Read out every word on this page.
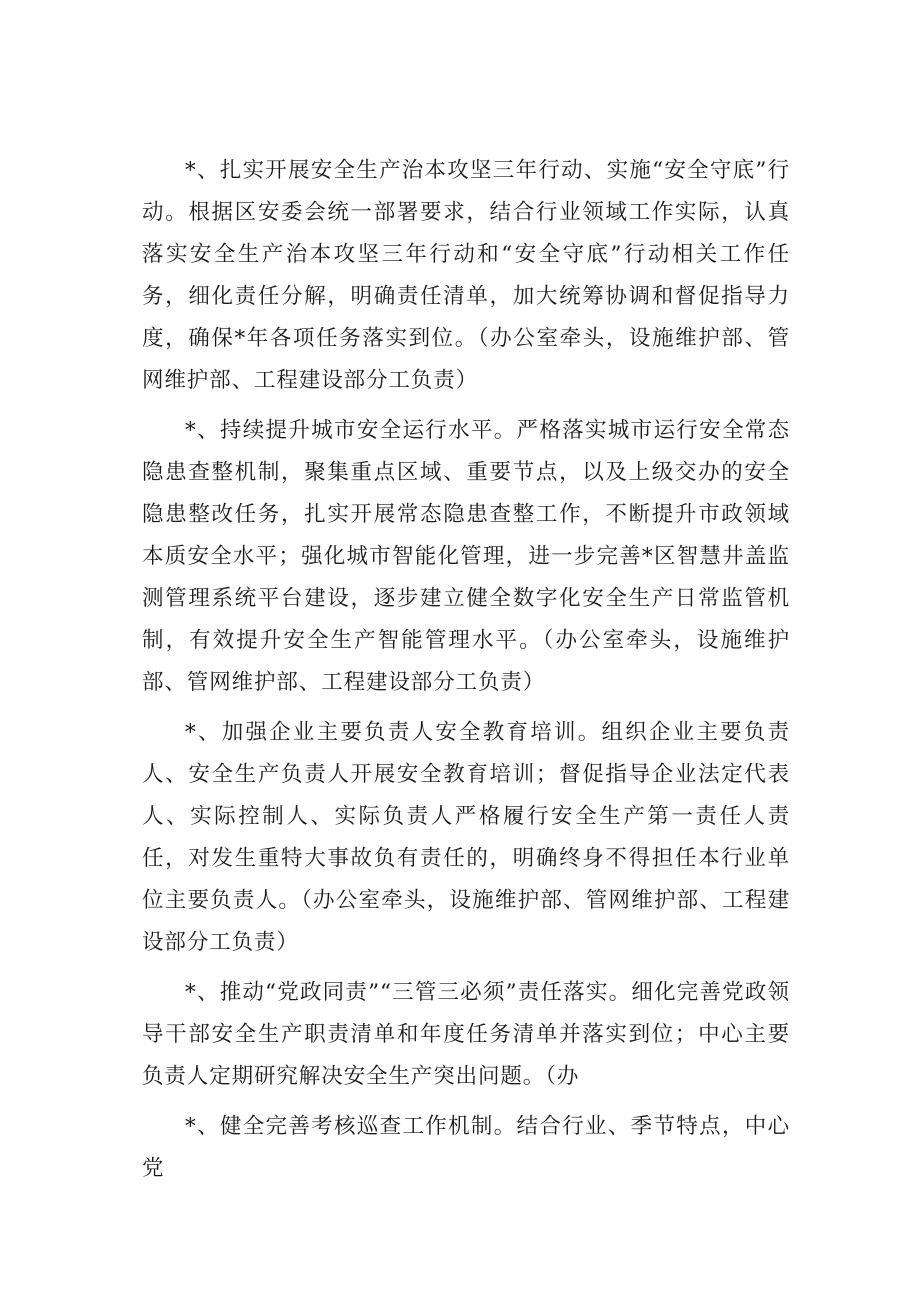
*、扎实开展安全生产治本攻坚三年行动、实施“安全守底”行动。根据区安委会统一部署要求，结合行业领域工作实际，认真落实安全生产治本攻坚三年行动和“安全守底”行动相关工作任务，细化责任分解，明确责任清单，加大统筹协调和督促指导力度，确保*年各项任务落实到位。（办公室牵头，设施维护部、管网维护部、工程建设部分工负责）

*、持续提升城市安全运行水平。严格落实城市运行安全常态隐患查整机制，聚集重点区域、重要节点，以及上级交办的安全隐患整改任务，扎实开展常态隐患查整工作，不断提升市政领域本质安全水平；强化城市智能化管理，进一步完善*区智慧井盖监测管理系统平台建设，逐步建立健全数字化安全生产日常监管机制，有效提升安全生产智能管理水平。（办公室牵头，设施维护部、管网维护部、工程建设部分工负责）

*、加强企业主要负责人安全教育培训。组织企业主要负责人、安全生产负责人开展安全教育培训；督促指导企业法定代表人、实际控制人、实际负责人严格履行安全生产第一责任人责任，对发生重特大事故负有责任的，明确终身不得担任本行业单位主要负责人。（办公室牵头，设施维护部、管网维护部、工程建设部分工负责）

*、推动“党政同责”“三管三必须”责任落实。细化完善党政领导干部安全生产职责清单和年度任务清单并落实到位；中心主要负责人定期研究解决安全生产突出问题。（办

*、健全完善考核巡查工作机制。结合行业、季节特点，中心党
